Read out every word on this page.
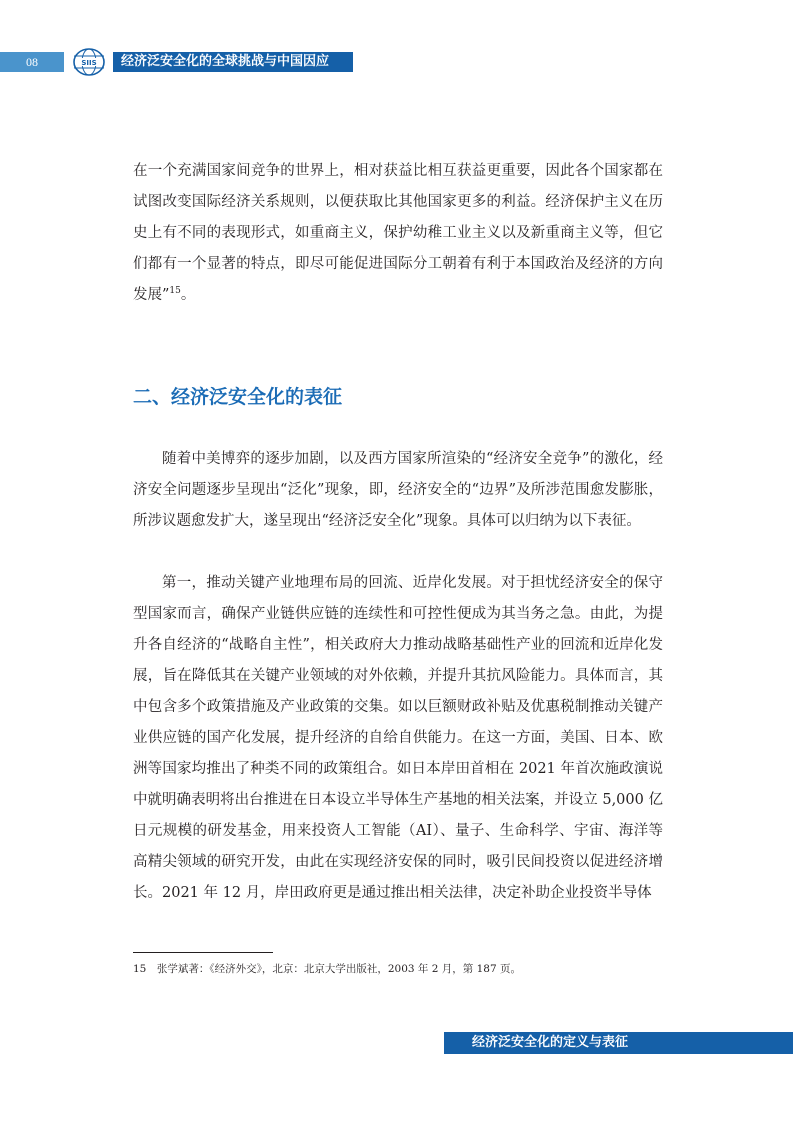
08	SIIS	经济泛安全化的全球挑战与中国因应

在一个充满国家间竞争的世界上，相对获益比相互获益更重要，因此各个国家都在试图改变国际经济关系规则，以便获取比其他国家更多的利益。经济保护主义在历史上有不同的表现形式，如重商主义，保护幼稚工业主义以及新重商主义等，但它们都有一个显著的特点，即尽可能促进国际分工朝着有利于本国政治及经济的方向发展”$^{15}$。

二、经济泛安全化的表征

随着中美博弈的逐步加剧，以及西方国家所渲染的“经济安全竞争”的激化，经济安全问题逐步呈现出“泛化”现象，即，经济安全的“边界”及所涉范围愈发膨胀，所涉议题愈发扩大，遂呈现出“经济泛安全化”现象。具体可以归纳为以下表征。

第一，推动关键产业地理布局的回流、近岸化发展。对于担忧经济安全的保守型国家而言，确保产业链供应链的连续性和可控性便成为其当务之急。由此，为提升各自经济的“战略自主性”，相关政府大力推动战略基础性产业的回流和近岸化发展，旨在降低其在关键产业领域的对外依赖，并提升其抗风险能力。具体而言，其中包含多个政策措施及产业政策的交集。如以巨额财政补贴及优惠税制推动关键产业供应链的国产化发展，提升经济的自给自供能力。在这一方面，美国、日本、欧洲等国家均推出了种类不同的政策组合。如日本岸田首相在 2021 年首次施政演说中就明确表明将出台推进在日本设立半导体生产基地的相关法案，并设立 5,000 亿日元规模的研发基金，用来投资人工智能（AI）、量子、生命科学、宇宙、海洋等高精尖领域的研究开发，由此在实现经济安保的同时，吸引民间投资以促进经济增长。2021 年 12 月，岸田政府更是通过推出相关法律，决定补助企业投资半导体

15　张学斌著：《经济外交》，北京：北京大学出版社，2003 年 2 月，第 187 页。

经济泛安全化的定义与表征
